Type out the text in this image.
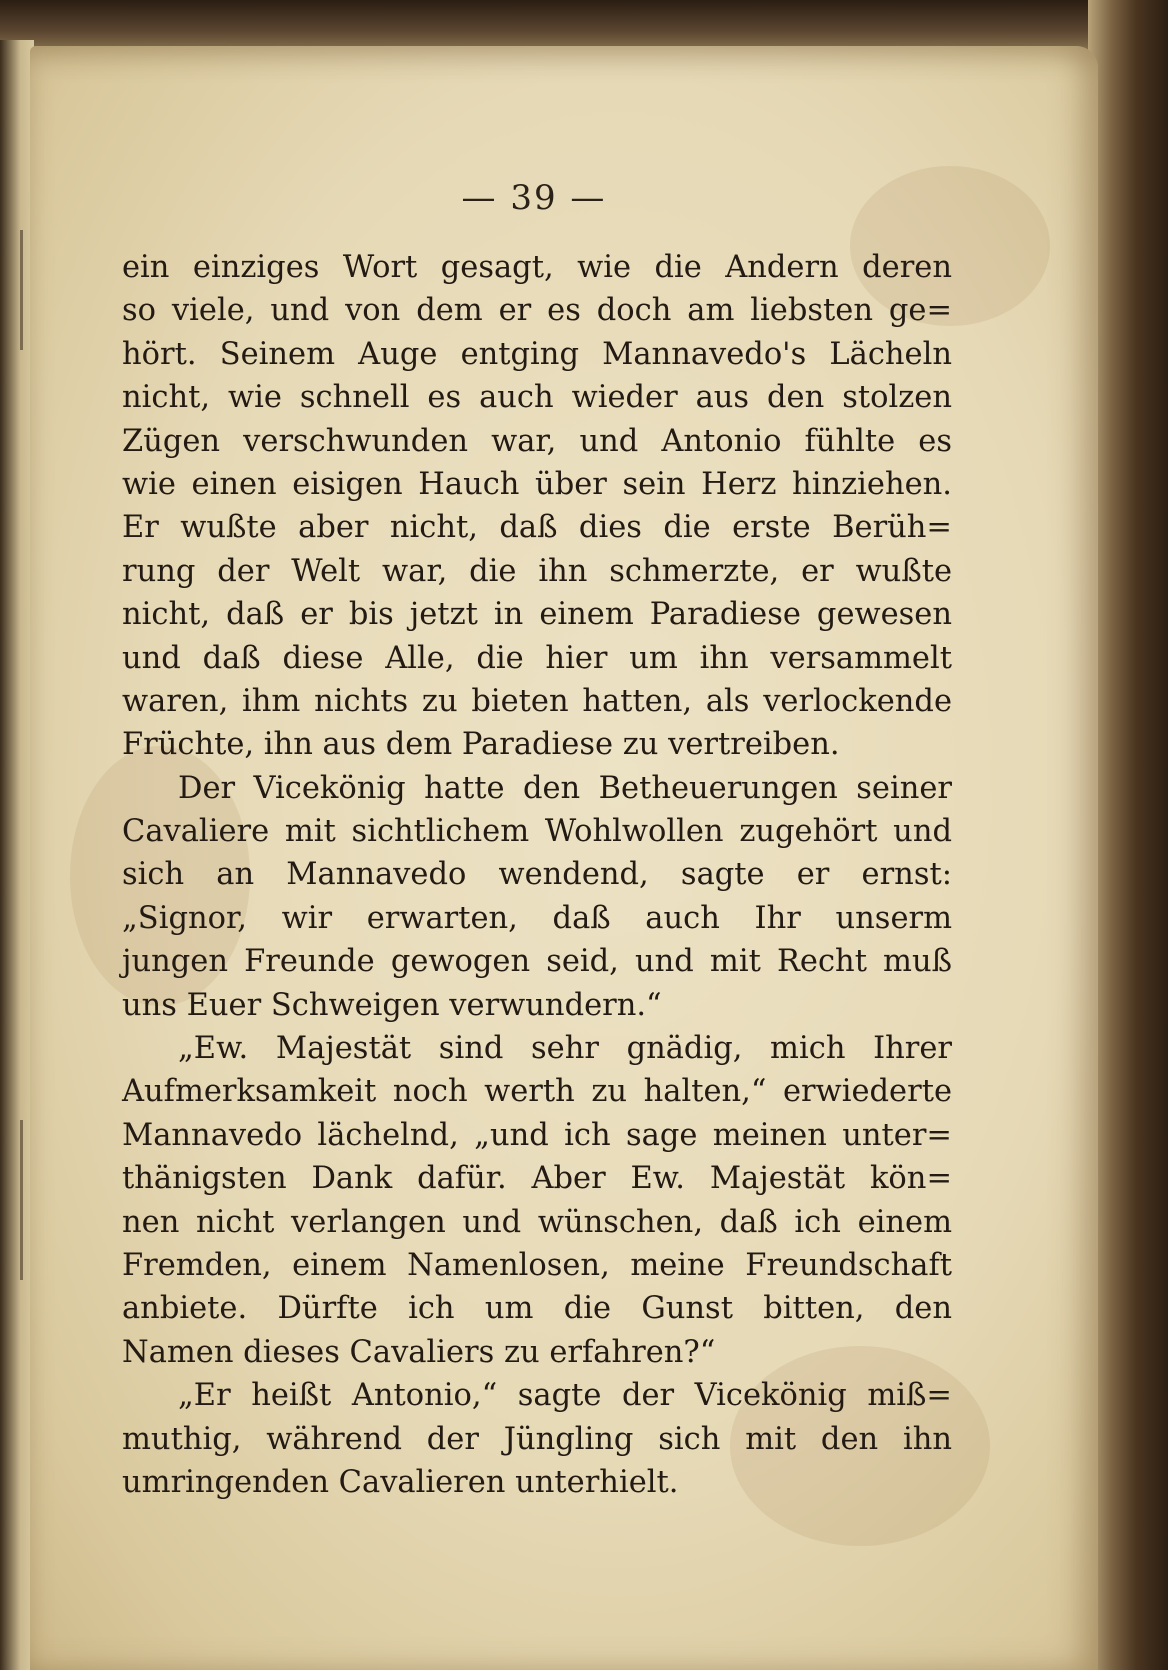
— 39 —
ein einziges Wort gesagt, wie die Andern deren
so viele, und von dem er es doch am liebsten ge=
hört. Seinem Auge entging Mannavedo's Lächeln
nicht, wie schnell es auch wieder aus den stolzen
Zügen verschwunden war, und Antonio fühlte es
wie einen eisigen Hauch über sein Herz hinziehen.
Er wußte aber nicht, daß dies die erste Berüh=
rung der Welt war, die ihn schmerzte, er wußte
nicht, daß er bis jetzt in einem Paradiese gewesen
und daß diese Alle, die hier um ihn versammelt
waren, ihm nichts zu bieten hatten, als verlockende
Früchte, ihn aus dem Paradiese zu vertreiben.
Der Vicekönig hatte den Betheuerungen seiner
Cavaliere mit sichtlichem Wohlwollen zugehört und
sich an Mannavedo wendend, sagte er ernst:
„Signor, wir erwarten, daß auch Ihr unserm
jungen Freunde gewogen seid, und mit Recht muß
uns Euer Schweigen verwundern.“
„Ew. Majestät sind sehr gnädig, mich Ihrer
Aufmerksamkeit noch werth zu halten,“ erwiederte
Mannavedo lächelnd, „und ich sage meinen unter=
thänigsten Dank dafür. Aber Ew. Majestät kön=
nen nicht verlangen und wünschen, daß ich einem
Fremden, einem Namenlosen, meine Freundschaft
anbiete. Dürfte ich um die Gunst bitten, den
Namen dieses Cavaliers zu erfahren?“
„Er heißt Antonio,“ sagte der Vicekönig miß=
muthig, während der Jüngling sich mit den ihn
umringenden Cavalieren unterhielt.
